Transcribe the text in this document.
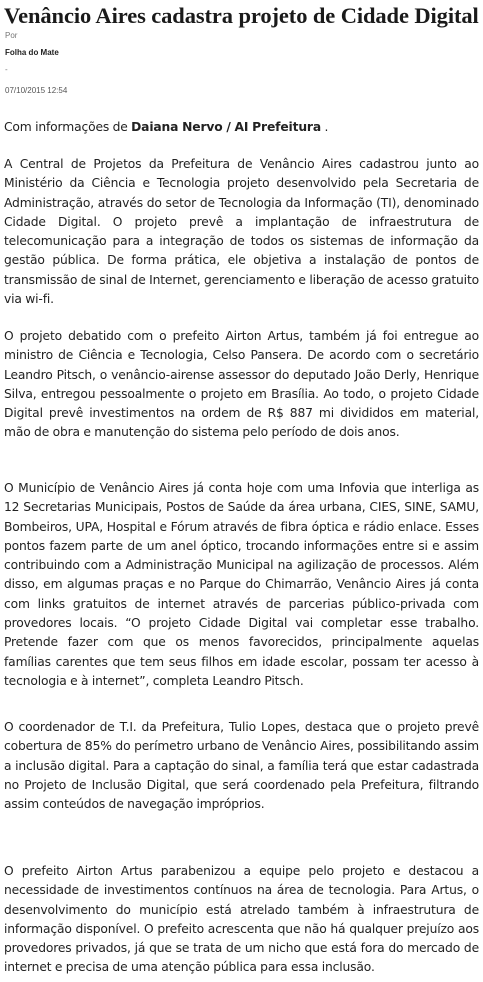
Venâncio Aires cadastra projeto de Cidade Digital

Por

Folha do Mate

-

07/10/2015 12:54

Com informações de Daiana Nervo / AI Prefeitura .

A Central de Projetos da Prefeitura de Venâncio Aires cadastrou junto ao Ministério da Ciência e Tecnologia projeto desenvolvido pela Secretaria de Administração, através do setor de Tecnologia da Informação (TI), denominado Cidade Digital. O projeto prevê a implantação de infraestrutura de telecomunicação para a integração de todos os sistemas de informação da gestão pública. De forma prática, ele objetiva a instalação de pontos de transmissão de sinal de Internet, gerenciamento e liberação de acesso gratuito via wi-fi.

O projeto debatido com o prefeito Airton Artus, também já foi entregue ao ministro de Ciência e Tecnologia, Celso Pansera. De acordo com o secretário Leandro Pitsch, o venâncio-airense assessor do deputado João Derly, Henrique Silva, entregou pessoalmente o projeto em Brasília. Ao todo, o projeto Cidade Digital prevê investimentos na ordem de R$ 887 mi divididos em material, mão de obra e manutenção do sistema pelo período de dois anos.

O Município de Venâncio Aires já conta hoje com uma Infovia que interliga as 12 Secretarias Municipais, Postos de Saúde da área urbana, CIES, SINE, SAMU, Bombeiros, UPA, Hospital e Fórum através de fibra óptica e rádio enlace. Esses pontos fazem parte de um anel óptico, trocando informações entre si e assim contribuindo com a Administração Municipal na agilização de processos. Além disso, em algumas praças e no Parque do Chimarrão, Venâncio Aires já conta com links gratuitos de internet através de parcerias público-privada com provedores locais. “O projeto Cidade Digital vai completar esse trabalho. Pretende fazer com que os menos favorecidos, principalmente aquelas famílias carentes que tem seus filhos em idade escolar, possam ter acesso à tecnologia e à internet”, completa Leandro Pitsch.

O coordenador de T.I. da Prefeitura, Tulio Lopes, destaca que o projeto prevê cobertura de 85% do perímetro urbano de Venâncio Aires, possibilitando assim a inclusão digital. Para a captação do sinal, a família terá que estar cadastrada no Projeto de Inclusão Digital, que será coordenado pela Prefeitura, filtrando assim conteúdos de navegação impróprios.

O prefeito Airton Artus parabenizou a equipe pelo projeto e destacou a necessidade de investimentos contínuos na área de tecnologia. Para Artus, o desenvolvimento do município está atrelado também à infraestrutura de informação disponível. O prefeito acrescenta que não há qualquer prejuízo aos provedores privados, já que se trata de um nicho que está fora do mercado de internet e precisa de uma atenção pública para essa inclusão.
